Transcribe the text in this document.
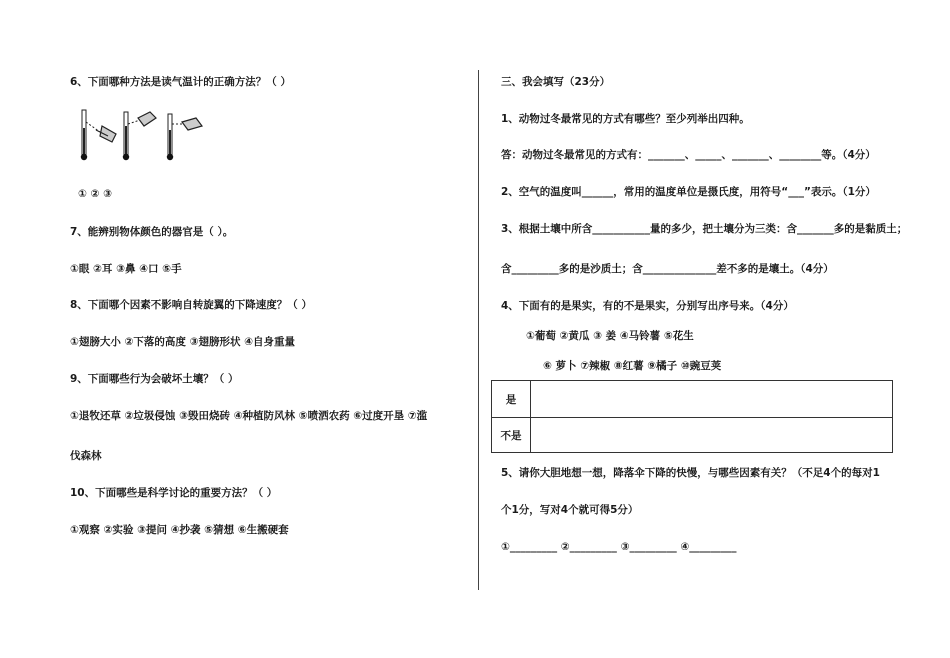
6、下面哪种方法是读气温计的正确方法？（ ）
① ② ③
7、能辨别物体颜色的器官是（ ）。
①眼 ②耳 ③鼻 ④口 ⑤手
8、下面哪个因素不影响自转旋翼的下降速度？（ ）
①翅膀大小 ②下落的高度 ③翅膀形状 ④自身重量
9、下面哪些行为会破坏土壤？（ ）
①退牧还草 ②垃圾侵蚀 ③毁田烧砖 ④种植防风林 ⑤喷洒农药 ⑥过度开垦 ⑦滥
伐森林
10、下面哪些是科学讨论的重要方法？（ ）
①观察 ②实验 ③提问 ④抄袭 ⑤猜想 ⑥生搬硬套
三、我会填写（23分）
1、动物过冬最常见的方式有哪些？至少列举出四种。
答：动物过冬最常见的方式有：_______、_____、_______、________等。（4分）
2、空气的温度叫______，常用的温度单位是摄氏度，用符号“___”表示。（1分）
3、根据土壤中所含___________量的多少，把土壤分为三类：含_______多的是黏质土；
含_________多的是沙质土；含______________差不多的是壤土。（4分）
4、下面有的是果实，有的不是果实，分别写出序号来。（4分）
①葡萄 ②黄瓜 ③ 姜 ④马铃薯 ⑤花生
⑥ 萝卜 ⑦辣椒 ⑧红薯 ⑨橘子 ⑩豌豆荚
是	
不是	
5、请你大胆地想一想，降落伞下降的快慢，与哪些因素有关？（不足4个的每对1
个1分，写对4个就可得5分）
①_________ ②_________ ③_________ ④_________
